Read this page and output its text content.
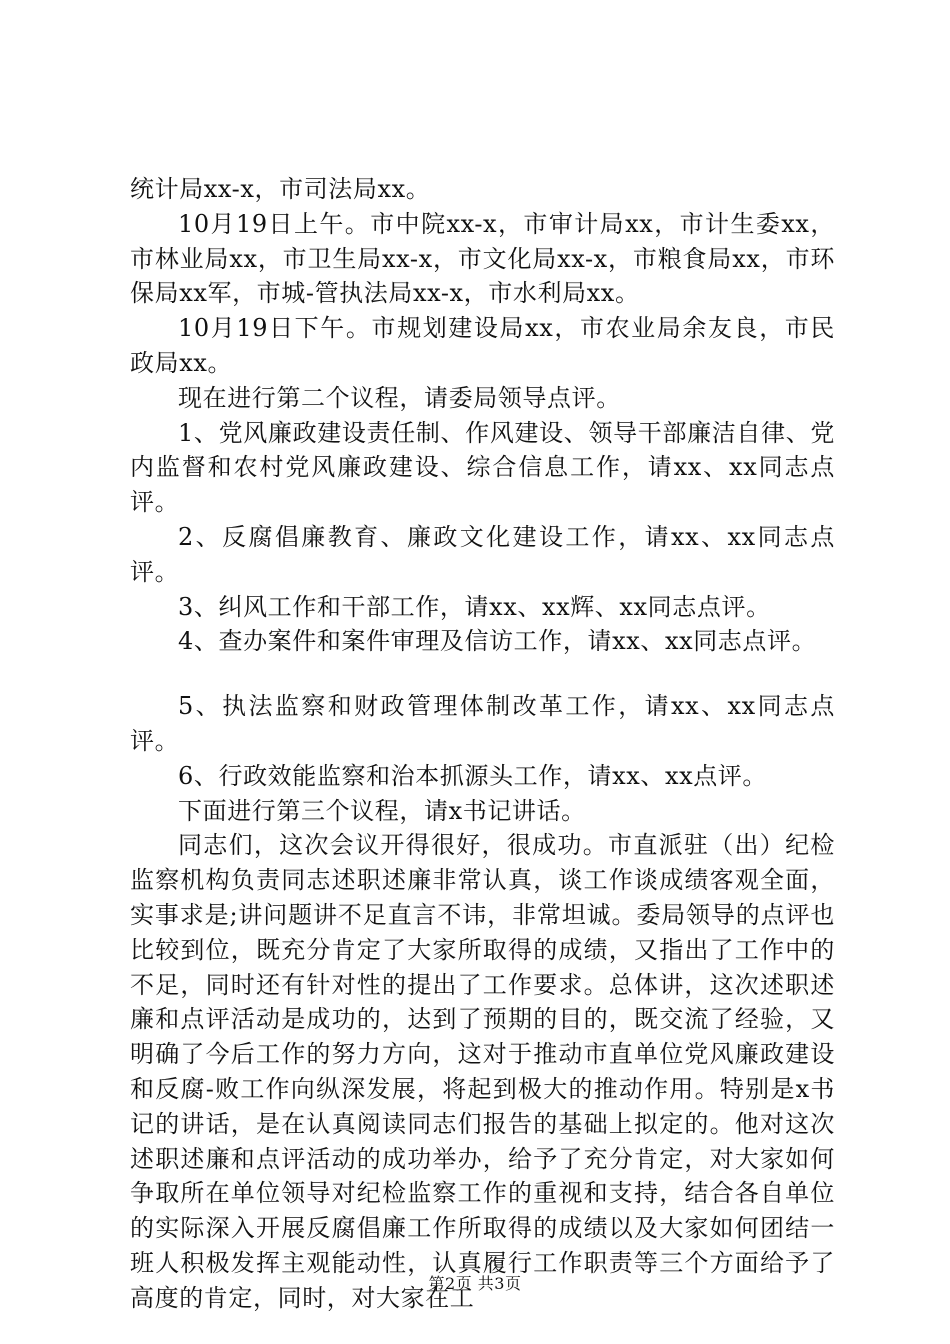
统计局xx-x，市司法局xx。

10月19日上午。市中院xx-x，市审计局xx，市计生委xx，市林业局xx，市卫生局xx-x，市文化局xx-x，市粮食局xx，市环保局xx军，市城-管执法局xx-x，市水利局xx。

10月19日下午。市规划建设局xx，市农业局余友良，市民政局xx。

现在进行第二个议程，请委局领导点评。

1、党风廉政建设责任制、作风建设、领导干部廉洁自律、党内监督和农村党风廉政建设、综合信息工作，请xx、xx同志点评。

2、反腐倡廉教育、廉政文化建设工作，请xx、xx同志点评。

3、纠风工作和干部工作，请xx、xx辉、xx同志点评。

4、查办案件和案件审理及信访工作，请xx、xx同志点评。

5、执法监察和财政管理体制改革工作，请xx、xx同志点评。

6、行政效能监察和治本抓源头工作，请xx、xx点评。

下面进行第三个议程，请x书记讲话。

同志们，这次会议开得很好，很成功。市直派驻（出）纪检监察机构负责同志述职述廉非常认真，谈工作谈成绩客观全面，实事求是;讲问题讲不足直言不讳，非常坦诚。委局领导的点评也比较到位，既充分肯定了大家所取得的成绩，又指出了工作中的不足，同时还有针对性的提出了工作要求。总体讲，这次述职述廉和点评活动是成功的，达到了预期的目的，既交流了经验，又明确了今后工作的努力方向，这对于推动市直单位党风廉政建设和反腐-败工作向纵深发展，将起到极大的推动作用。特别是x书记的讲话，是在认真阅读同志们报告的基础上拟定的。他对这次述职述廉和点评活动的成功举办，给予了充分肯定，对大家如何争取所在单位领导对纪检监察工作的重视和支持，结合各自单位的实际深入开展反腐倡廉工作所取得的成绩以及大家如何团结一班人积极发挥主观能动性，认真履行工作职责等三个方面给予了高度的肯定，同时，对大家在工

第2页 共3页
